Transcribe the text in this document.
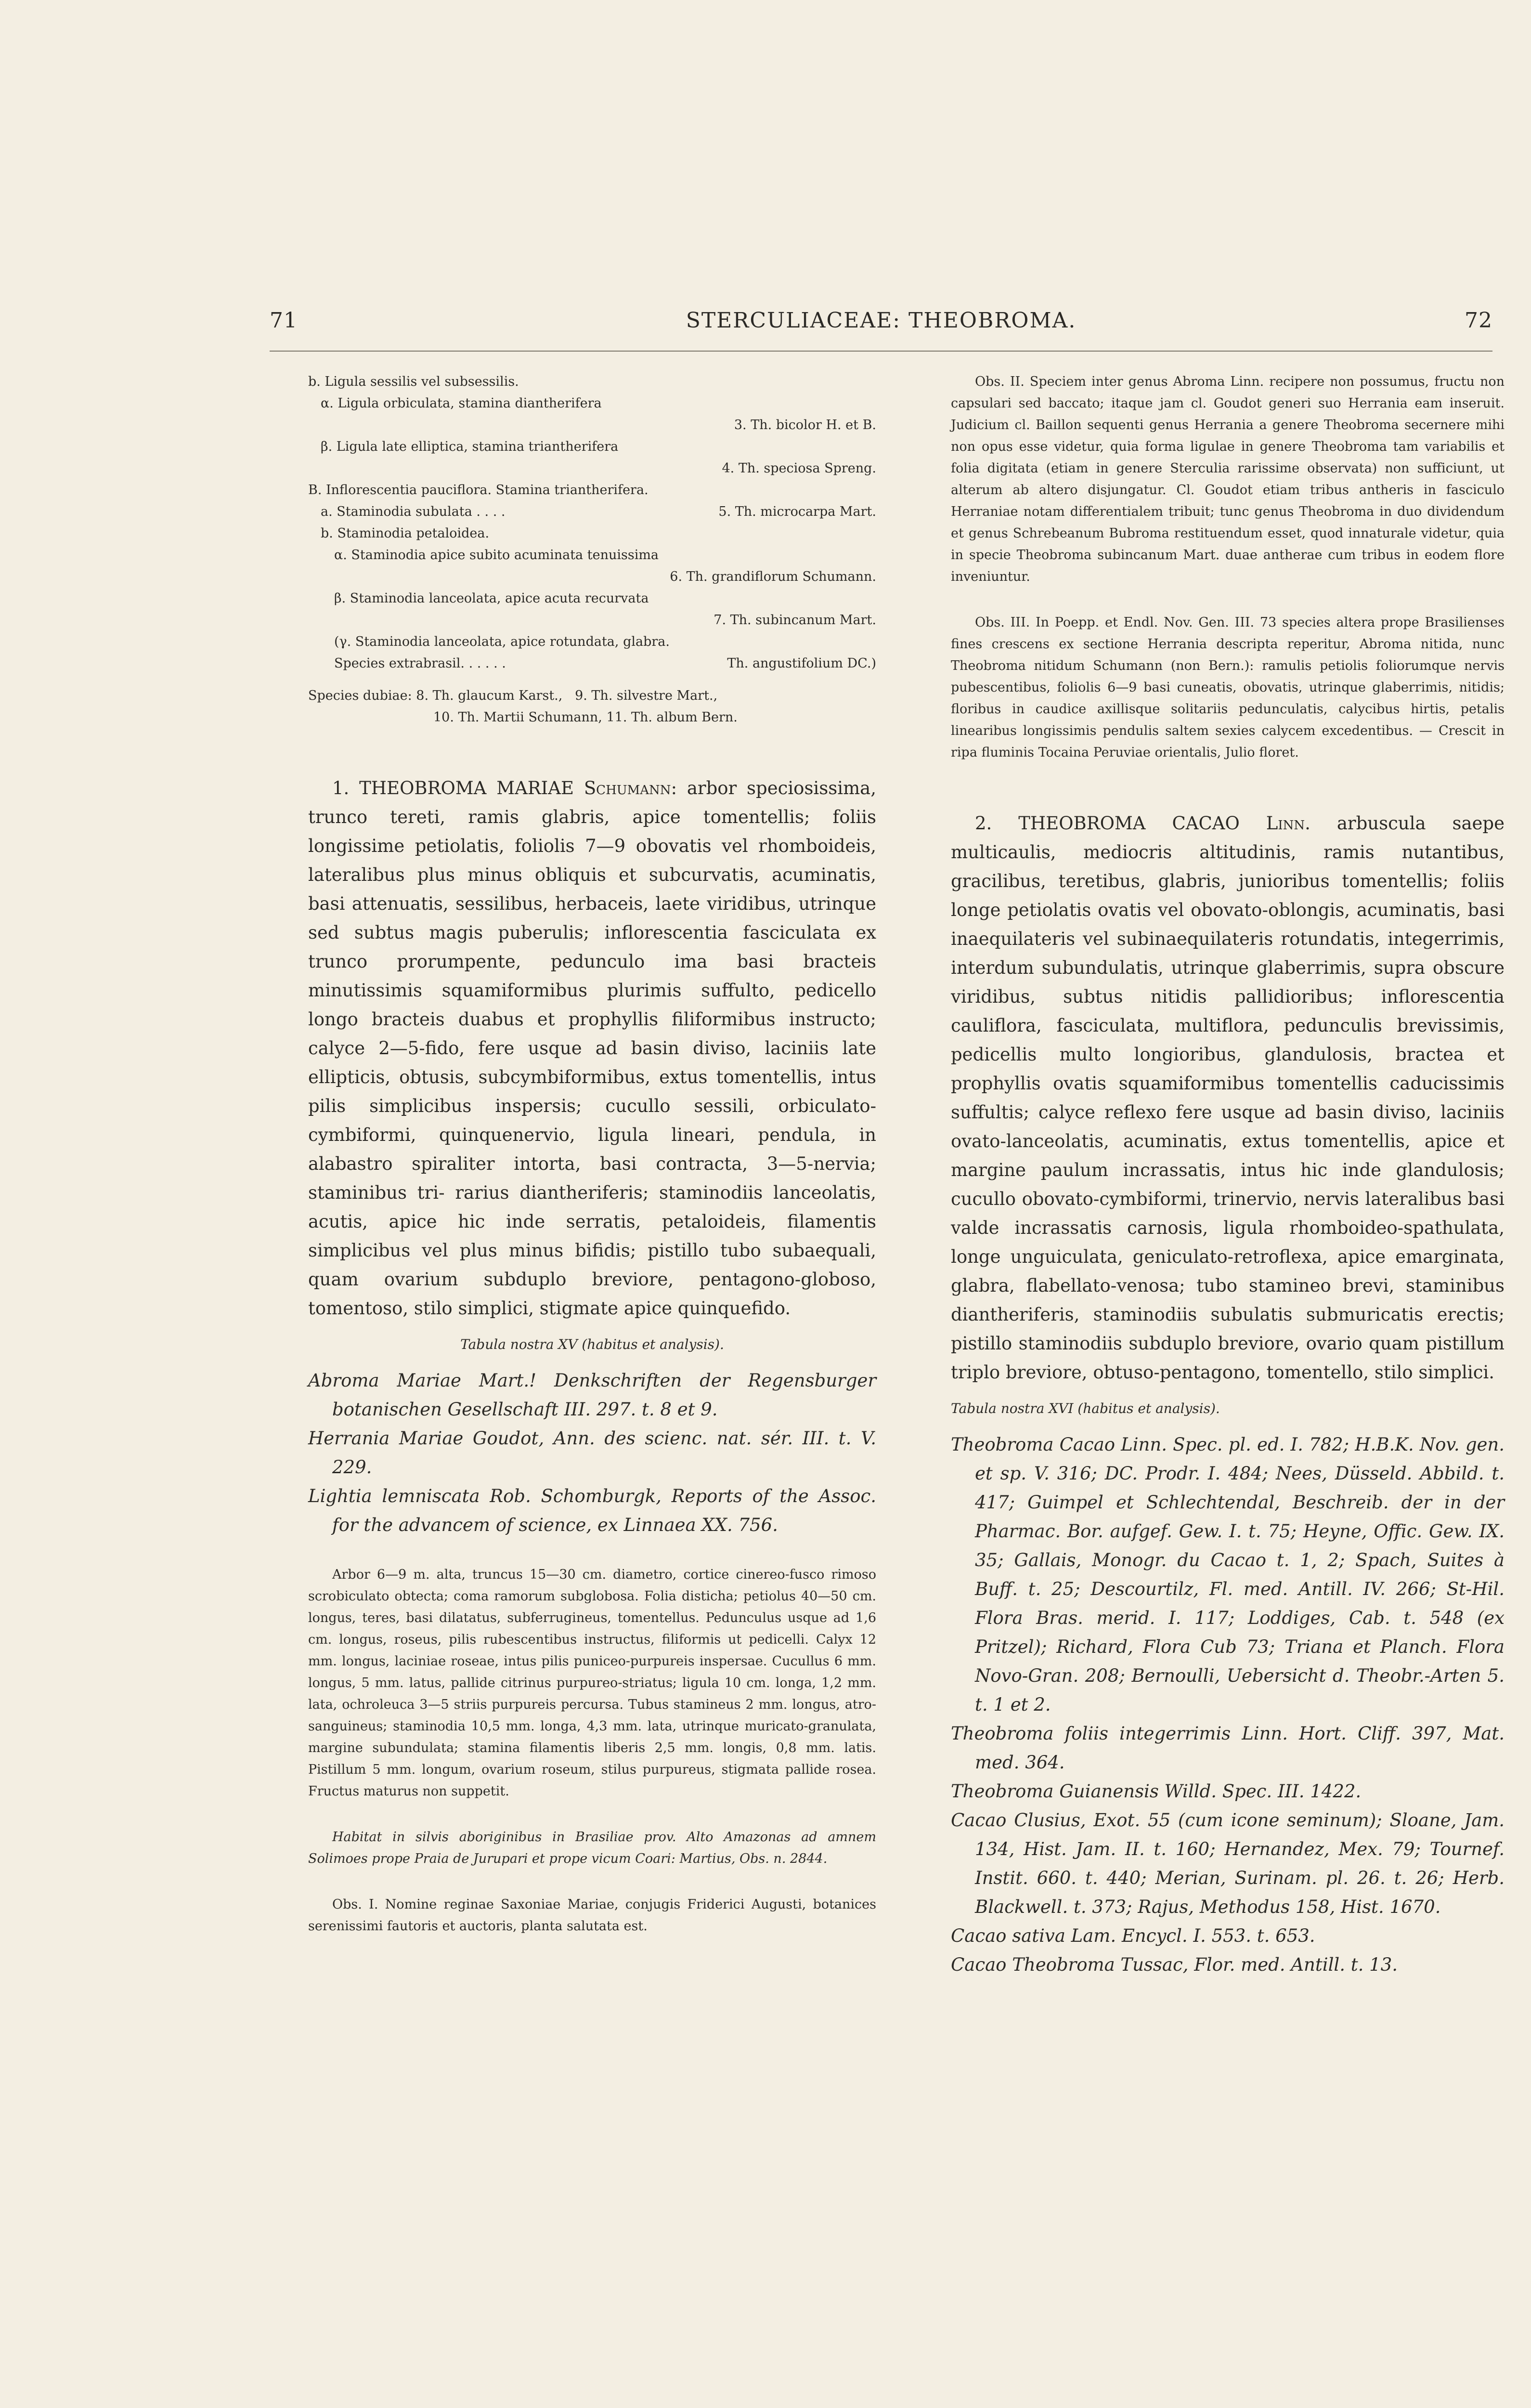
71	STERCULIACEAE: THEOBROMA.	72
b. Ligula sessilis vel subsessilis.
α. Ligula orbiculata, stamina diantherifera
3. Th. bicolor H. et B.

β. Ligula late elliptica, stamina triantherifera
4. Th. speciosa Spreng.

B. Inflorescentia pauciflora. Stamina triantherifera.
a. Staminodia subulata . . . .	5. Th. microcarpa Mart.
b. Staminodia petaloidea.
α. Staminodia apice subito acuminata tenuissima
6. Th. grandiflorum Schumann.

β. Staminodia lanceolata, apice acuta recurvata
7. Th. subincanum Mart.

(γ. Staminodia lanceolata, apice rotundata, glabra.
Species extrabrasil. . . . . .	Th. angustifolium DC.)
Species dubiae: 8. Th. glaucum Karst.,   9. Th. silvestre Mart.,
10. Th. Martii Schumann, 11. Th. album Bern.

1. THEOBROMA MARIAE Schumann: arbor speciosissima, trunco tereti, ramis glabris, apice tomentellis; foliis longissime petiolatis, foliolis 7—9 obovatis vel rhomboideis, lateralibus plus minus obliquis et subcurvatis, acuminatis, basi attenuatis, sessilibus, herbaceis, laete viridibus, utrinque sed subtus magis puberulis; inflorescentia fasciculata ex trunco prorumpente, pedunculo ima basi bracteis minutissimis squamiformibus plurimis suffulto, pedicello longo bracteis duabus et prophyllis filiformibus instructo; calyce 2—5-fido, fere usque ad basin diviso, laciniis late ellipticis, obtusis, subcymbiformibus, extus tomentellis, intus pilis simplicibus inspersis; cucullo sessili, orbiculato-cymbiformi, quinquenervio, ligula lineari, pendula, in alabastro spiraliter intorta, basi contracta, 3—5-nervia; staminibus tri- rarius diantheriferis; staminodiis lanceolatis, acutis, apice hic inde serratis, petaloideis, filamentis simplicibus vel plus minus bifidis; pistillo tubo subaequali, quam ovarium subduplo breviore, pentagono-globoso, tomentoso, stilo simplici, stigmate apice quinquefido.

Tabula nostra XV (habitus et analysis).

Abroma Mariae Mart.! Denkschriften der Regensburger botanischen Gesellschaft III. 297. t. 8 et 9.
Herrania Mariae Goudot, Ann. des scienc. nat. sér. III. t. V. 229.
Lightia lemniscata Rob. Schomburgk, Reports of the Assoc. for the advancem of science, ex Linnaea XX. 756.

Arbor 6—9 m. alta, truncus 15—30 cm. diametro, cortice cinereo-fusco rimoso scrobiculato obtecta; coma ramorum subglobosa. Folia disticha; petiolus 40—50 cm. longus, teres, basi dilatatus, subferrugineus, tomentellus. Pedunculus usque ad 1,6 cm. longus, roseus, pilis rubescentibus instructus, filiformis ut pedicelli. Calyx 12 mm. longus, laciniae roseae, intus pilis puniceo-purpureis inspersae. Cucullus 6 mm. longus, 5 mm. latus, pallide citrinus purpureo-striatus; ligula 10 cm. longa, 1,2 mm. lata, ochroleuca 3—5 striis purpureis percursa. Tubus stamineus 2 mm. longus, atro-sanguineus; staminodia 10,5 mm. longa, 4,3 mm. lata, utrinque muricato-granulata, margine subundulata; stamina filamentis liberis 2,5 mm. longis, 0,8 mm. latis. Pistillum 5 mm. longum, ovarium roseum, stilus purpureus, stigmata pallide rosea. Fructus maturus non suppetit.

Habitat in silvis aboriginibus in Brasiliae prov. Alto Amazonas ad amnem Solimoes prope Praia de Jurupari et prope vicum Coari: Martius, Obs. n. 2844.

Obs. I. Nomine reginae Saxoniae Mariae, conjugis Friderici Augusti, botanices serenissimi fautoris et auctoris, planta salutata est.

Obs. II. Speciem inter genus Abroma Linn. recipere non possumus, fructu non capsulari sed baccato; itaque jam cl. Goudot generi suo Herrania eam inseruit. Judicium cl. Baillon sequenti genus Herrania a genere Theobroma secernere mihi non opus esse videtur, quia forma ligulae in genere Theobroma tam variabilis et folia digitata (etiam in genere Sterculia rarissime observata) non sufficiunt, ut alterum ab altero disjungatur. Cl. Goudot etiam tribus antheris in fasciculo Herraniae notam differentialem tribuit; tunc genus Theobroma in duo dividendum et genus Schrebeanum Bubroma restituendum esset, quod innaturale videtur, quia in specie Theobroma subincanum Mart. duae antherae cum tribus in eodem flore inveniuntur.

Obs. III. In Poepp. et Endl. Nov. Gen. III. 73 species altera prope Brasilienses fines crescens ex sectione Herrania descripta reperitur, Abroma nitida, nunc Theobroma nitidum Schumann (non Bern.): ramulis petiolis foliorumque nervis pubescentibus, foliolis 6—9 basi cuneatis, obovatis, utrinque glaberrimis, nitidis; floribus in caudice axillisque solitariis pedunculatis, calycibus hirtis, petalis linearibus longissimis pendulis saltem sexies calycem excedentibus. — Crescit in ripa fluminis Tocaina Peruviae orientalis, Julio floret.

2. THEOBROMA CACAO Linn. arbuscula saepe multicaulis, mediocris altitudinis, ramis nutantibus, gracilibus, teretibus, glabris, junioribus tomentellis; foliis longe petiolatis ovatis vel obovato-oblongis, acuminatis, basi inaequilateris vel subinaequilateris rotundatis, integerrimis, interdum subundulatis, utrinque glaberrimis, supra obscure viridibus, subtus nitidis pallidioribus; inflorescentia cauliflora, fasciculata, multiflora, pedunculis brevissimis, pedicellis multo longioribus, glandulosis, bractea et prophyllis ovatis squamiformibus tomentellis caducissimis suffultis; calyce reflexo fere usque ad basin diviso, laciniis ovato-lanceolatis, acuminatis, extus tomentellis, apice et margine paulum incrassatis, intus hic inde glandulosis; cucullo obovato-cymbiformi, trinervio, nervis lateralibus basi valde incrassatis carnosis, ligula rhomboideo-spathulata, longe unguiculata, geniculato-retroflexa, apice emarginata, glabra, flabellato-venosa; tubo stamineo brevi, staminibus diantheriferis, staminodiis subulatis submuricatis erectis; pistillo staminodiis subduplo breviore, ovario quam pistillum triplo breviore, obtuso-pentagono, tomentello, stilo simplici.

Tabula nostra XVI (habitus et analysis).

Theobroma Cacao Linn. Spec. pl. ed. I. 782; H.B.K. Nov. gen. et sp. V. 316; DC. Prodr. I. 484; Nees, Düsseld. Abbild. t. 417; Guimpel et Schlechtendal, Beschreib. der in der Pharmac. Bor. aufgef. Gew. I. t. 75; Heyne, Offic. Gew. IX. 35; Gallais, Monogr. du Cacao t. 1, 2; Spach, Suites à Buff. t. 25; Descourtilz, Fl. med. Antill. IV. 266; St-Hil. Flora Bras. merid. I. 117; Loddiges, Cab. t. 548 (ex Pritzel); Richard, Flora Cub 73; Triana et Planch. Flora Novo-Gran. 208; Bernoulli, Uebersicht d. Theobr.-Arten 5. t. 1 et 2.
Theobroma foliis integerrimis Linn. Hort. Cliff. 397, Mat. med. 364.
Theobroma Guianensis Willd. Spec. III. 1422.
Cacao Clusius, Exot. 55 (cum icone seminum); Sloane, Jam. 134, Hist. Jam. II. t. 160; Hernandez, Mex. 79; Tournef. Instit. 660. t. 440; Merian, Surinam. pl. 26. t. 26; Herb. Blackwell. t. 373; Rajus, Methodus 158, Hist. 1670.
Cacao sativa Lam. Encycl. I. 553. t. 653.
Cacao Theobroma Tussac, Flor. med. Antill. t. 13.
